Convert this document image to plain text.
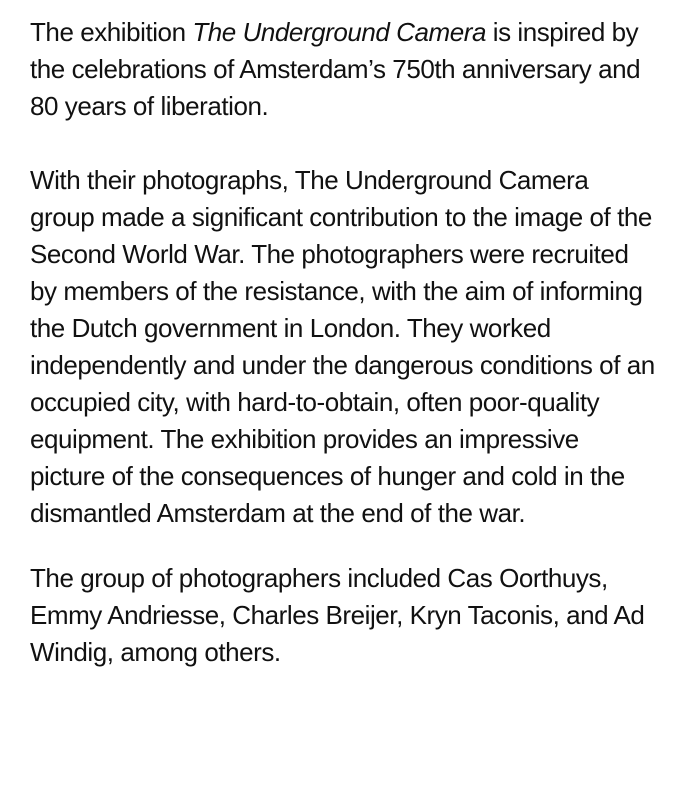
The exhibition The Underground Camera is inspired by the celebrations of Amsterdam’s 750th anniversary and 80 years of liberation.

With their photographs, The Underground Camera group made a significant contribution to the image of the Second World War. The photographers were recruited by members of the resistance, with the aim of informing the Dutch government in London. They worked independently and under the dangerous conditions of an occupied city, with hard-to-obtain, often poor-quality equipment. The exhibition provides an impressive picture of the consequences of hunger and cold in the dismantled Amsterdam at the end of the war.

The group of photographers included Cas Oorthuys, Emmy Andriesse, Charles Breijer, Kryn Taconis, and Ad Windig, among others.
